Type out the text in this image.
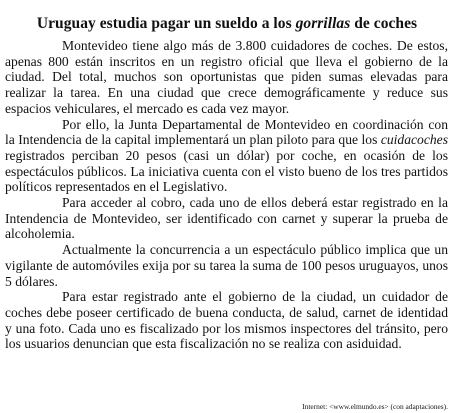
Uruguay estudia pagar un sueldo a los gorrillas de coches

Montevideo tiene algo más de 3.800 cuidadores de coches. De estos, apenas 800 están inscritos en un registro oficial que lleva el gobierno de la ciudad. Del total, muchos son oportunistas que piden sumas elevadas para realizar la tarea. En una ciudad que crece demográficamente y reduce sus espacios vehiculares, el mercado es cada vez mayor.

Por ello, la Junta Departamental de Montevideo en coordinación con la Intendencia de la capital implementará un plan piloto para que los cuidacoches registrados perciban 20 pesos (casi un dólar) por coche, en ocasión de los espectáculos públicos. La iniciativa cuenta con el visto bueno de los tres partidos políticos representados en el Legislativo.

Para acceder al cobro, cada uno de ellos deberá estar registrado en la Intendencia de Montevideo, ser identificado con carnet y superar la prueba de alcoholemia.

Actualmente la concurrencia a un espectáculo público implica que un vigilante de automóviles exija por su tarea la suma de 100 pesos uruguayos, unos 5 dólares.

Para estar registrado ante el gobierno de la ciudad, un cuidador de coches debe poseer certificado de buena conducta, de salud, carnet de identidad y una foto. Cada uno es fiscalizado por los mismos inspectores del tránsito, pero los usuarios denuncian que esta fiscalización no se realiza con asiduidad.

Internet: <www.elmundo.es> (con adaptaciones).
